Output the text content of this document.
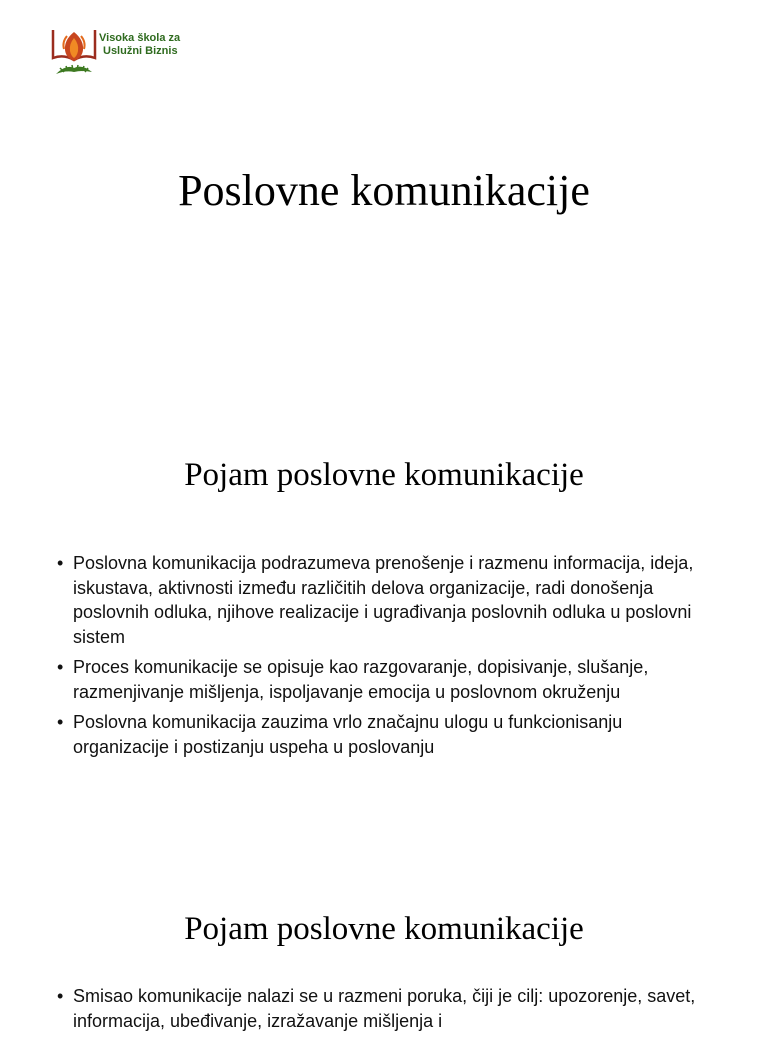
Visoka škola za
Uslužni Biznis
Poslovne komunikacije
Pojam poslovne komunikacije
• Poslovna komunikacija podrazumeva prenošenje i razmenu informacija, ideja, iskustava, aktivnosti između različitih delova organizacije, radi donošenja poslovnih odluka, njihove realizacije i ugrađivanja poslovnih odluka u poslovni sistem
• Proces komunikacije se opisuje kao razgovaranje, dopisivanje, slušanje, razmenjivanje mišljenja, ispoljavanje emocija u poslovnom okruženju
• Poslovna komunikacija zauzima vrlo značajnu ulogu u funkcionisanju organizacije i postizanju uspeha u poslovanju
Pojam poslovne komunikacije
• Smisao komunikacije nalazi se u razmeni poruka, čiji je cilj: upozorenje, savet, informacija, ubeđivanje, izražavanje mišljenja i
